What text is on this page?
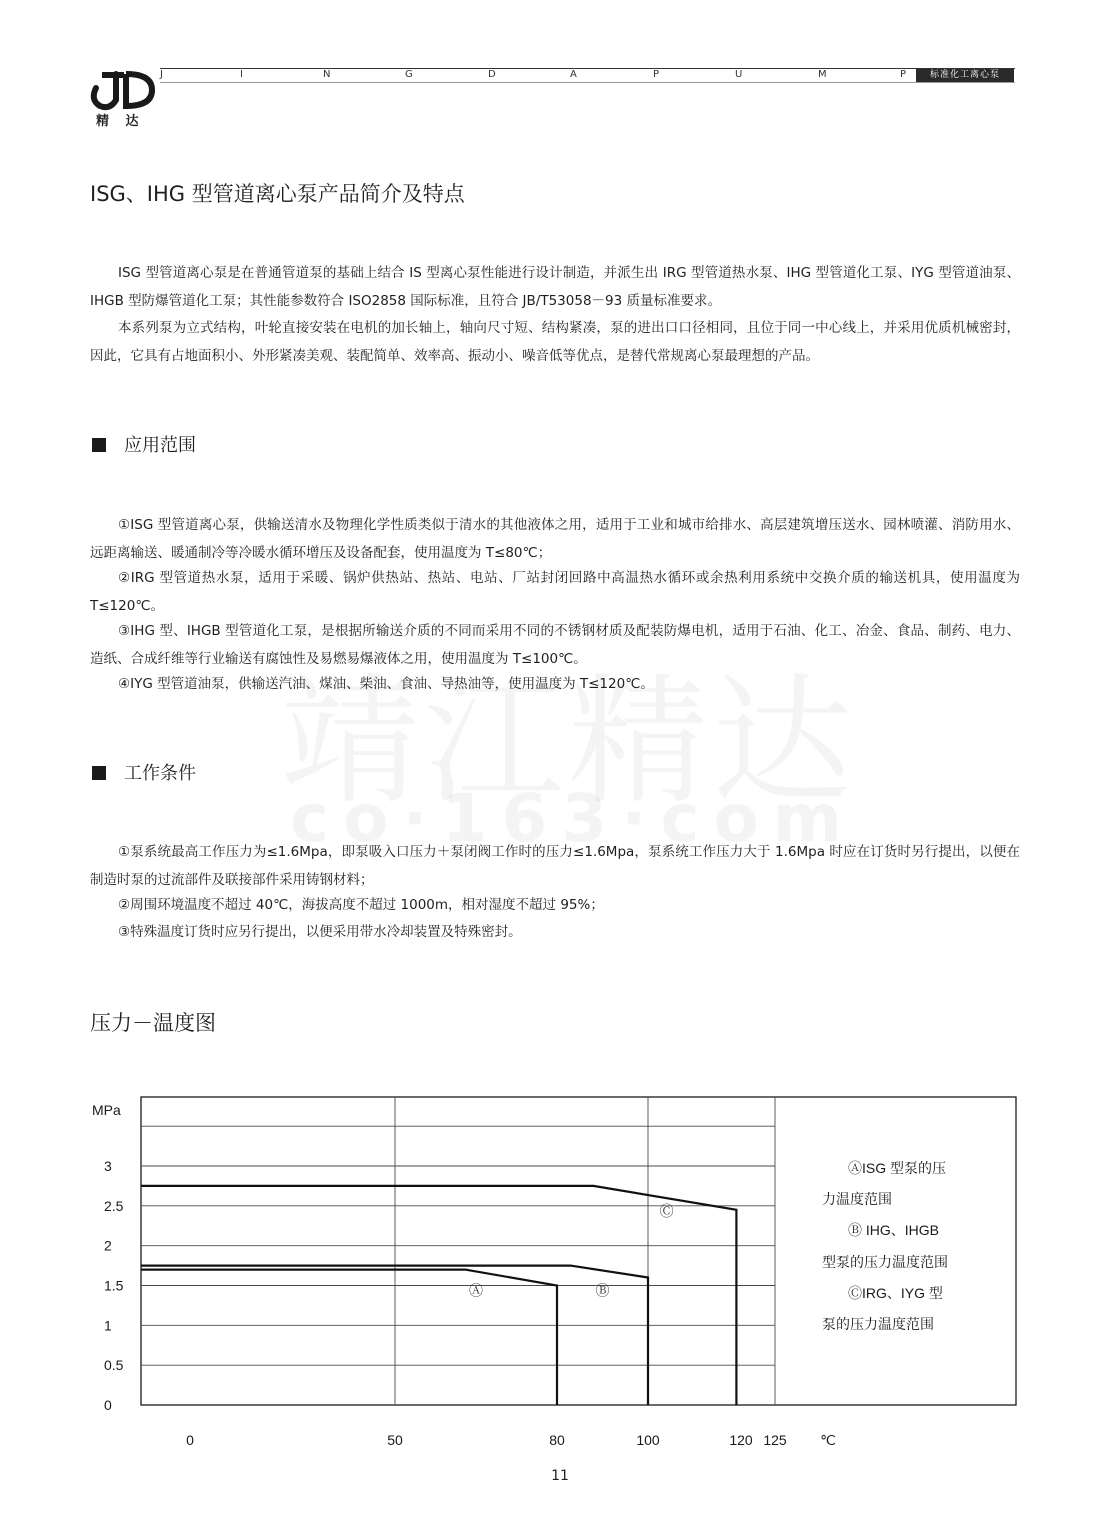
精 达
J	I	N	G	D	A	P	U	M	P	标准化工离心泵
ISG、IHG 型管道离心泵产品简介及特点

ISG 型管道离心泵是在普通管道泵的基础上结合 IS 型离心泵性能进行设计制造，并派生出 IRG 型管道热水泵、IHG 型管道化工泵、IYG 型管道油泵、IHGB 型防爆管道化工泵；其性能参数符合 ISO2858 国际标准，且符合 JB/T53058－93 质量标准要求。

本系列泵为立式结构，叶轮直接安装在电机的加长轴上，轴向尺寸短、结构紧凑，泵的进出口口径相同，且位于同一中心线上，并采用优质机械密封，因此，它具有占地面积小、外形紧凑美观、装配简单、效率高、振动小、噪音低等优点，是替代常规离心泵最理想的产品。

应用范围

①ISG 型管道离心泵，供输送清水及物理化学性质类似于清水的其他液体之用，适用于工业和城市给排水、高层建筑增压送水、园林喷灌、消防用水、远距离输送、暖通制冷等冷暖水循环增压及设备配套，使用温度为 T≤80℃；

②IRG 型管道热水泵，适用于采暖、锅炉供热站、热站、电站、厂站封闭回路中高温热水循环或余热利用系统中交换介质的输送机具，使用温度为 T≤120℃。

③IHG 型、IHGB 型管道化工泵，是根据所输送介质的不同而采用不同的不锈钢材质及配装防爆电机，适用于石油、化工、冶金、食品、制药、电力、造纸、合成纤维等行业输送有腐蚀性及易燃易爆液体之用，使用温度为 T≤100℃。

④IYG 型管道油泵，供输送汽油、煤油、柴油、食油、导热油等，使用温度为 T≤120℃。

工作条件

①泵系统最高工作压力为≤1.6Mpa，即泵吸入口压力＋泵闭阀工作时的压力≤1.6Mpa，泵系统工作压力大于 1.6Mpa 时应在订货时另行提出，以便在制造时泵的过流部件及联接部件采用铸钢材料；

②周围环境温度不超过 40℃，海拔高度不超过 1000m，相对湿度不超过 95%；

③特殊温度订货时应另行提出，以便采用带水冷却装置及特殊密封。

压力－温度图
3
2.5
2
1.5
1
0.5
0
MPa
0	50	80	100	120 125 ℃
Ⓐ	Ⓑ
Ⓒ
ⒶISG 型泵的压
力温度范围
Ⓑ IHG、IHGB
型泵的压力温度范围
ⒸIRG、IYG 型
泵的压力温度范围
11
